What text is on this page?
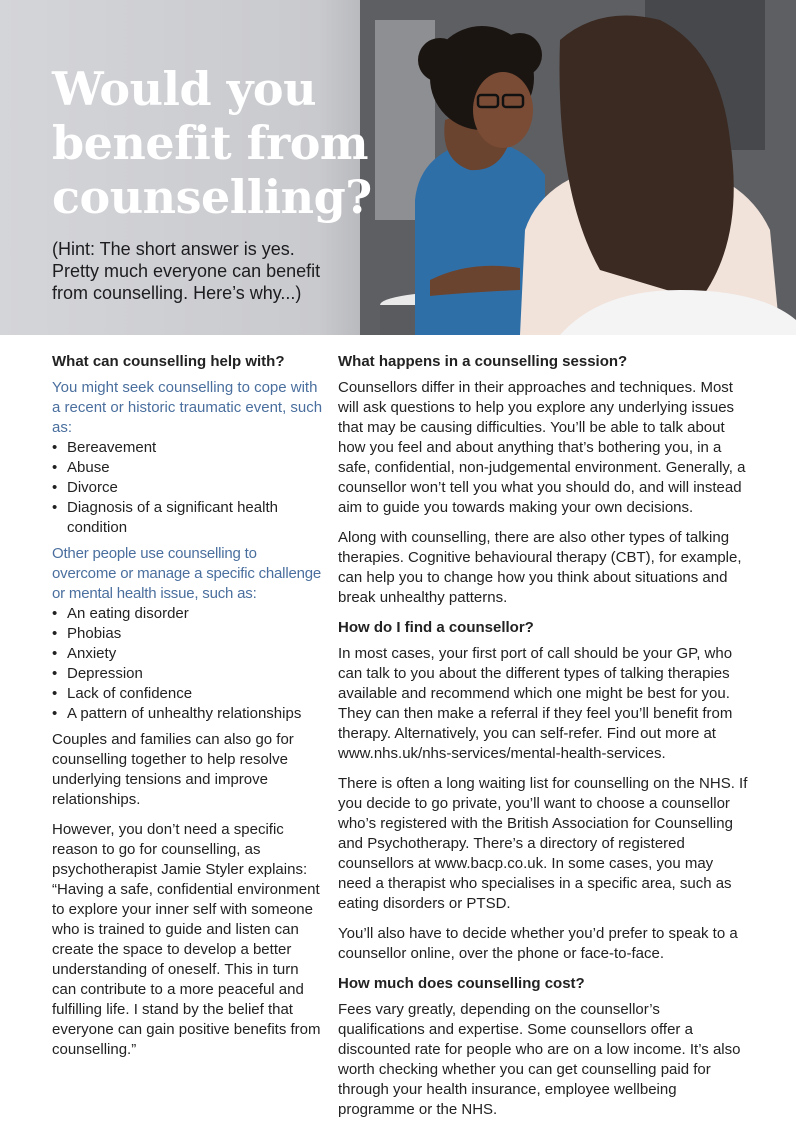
Would you
benefit from
counselling?

(Hint: The short answer is yes.
Pretty much everyone can benefit
from counselling. Here’s why...)

What can counselling help with?

You might seek counselling to cope with a recent or historic traumatic event, such as:

• Bereavement
• Abuse
• Divorce
• Diagnosis of a significant health condition

Other people use counselling to overcome or manage a specific challenge or mental health issue, such as:

• An eating disorder
• Phobias
• Anxiety
• Depression
• Lack of confidence
• A pattern of unhealthy relationships

Couples and families can also go for counselling together to help resolve underlying tensions and improve relationships.

However, you don’t need a specific reason to go for counselling, as psychotherapist Jamie Styler explains: “Having a safe, confidential environment to explore your inner self with someone who is trained to guide and listen can create the space to develop a better understanding of oneself. This in turn can contribute to a more peaceful and fulfilling life. I stand by the belief that everyone can gain positive benefits from counselling.”

What happens in a counselling session?

Counsellors differ in their approaches and techniques. Most will ask questions to help you explore any underlying issues that may be causing difficulties. You’ll be able to talk about how you feel and about anything that’s bothering you, in a safe, confidential, non-judgemental environment. Generally, a counsellor won’t tell you what you should do, and will instead aim to guide you towards making your own decisions.

Along with counselling, there are also other types of talking therapies. Cognitive behavioural therapy (CBT), for example, can help you to change how you think about situations and break unhealthy patterns.

How do I find a counsellor?

In most cases, your first port of call should be your GP, who can talk to you about the different types of talking therapies available and recommend which one might be best for you. They can then make a referral if they feel you’ll benefit from therapy. Alternatively, you can self-refer. Find out more at www.nhs.uk/nhs-services/mental-health-services.

There is often a long waiting list for counselling on the NHS. If you decide to go private, you’ll want to choose a counsellor who’s registered with the British Association for Counselling and Psychotherapy. There’s a directory of registered counsellors at www.bacp.co.uk. In some cases, you may need a therapist who specialises in a specific area, such as eating disorders or PTSD.

You’ll also have to decide whether you’d prefer to speak to a counsellor online, over the phone or face-to-face.

How much does counselling cost?

Fees vary greatly, depending on the counsellor’s qualifications and expertise. Some counsellors offer a discounted rate for people who are on a low income. It’s also worth checking whether you can get counselling paid for through your health insurance, employee wellbeing programme or the NHS.
